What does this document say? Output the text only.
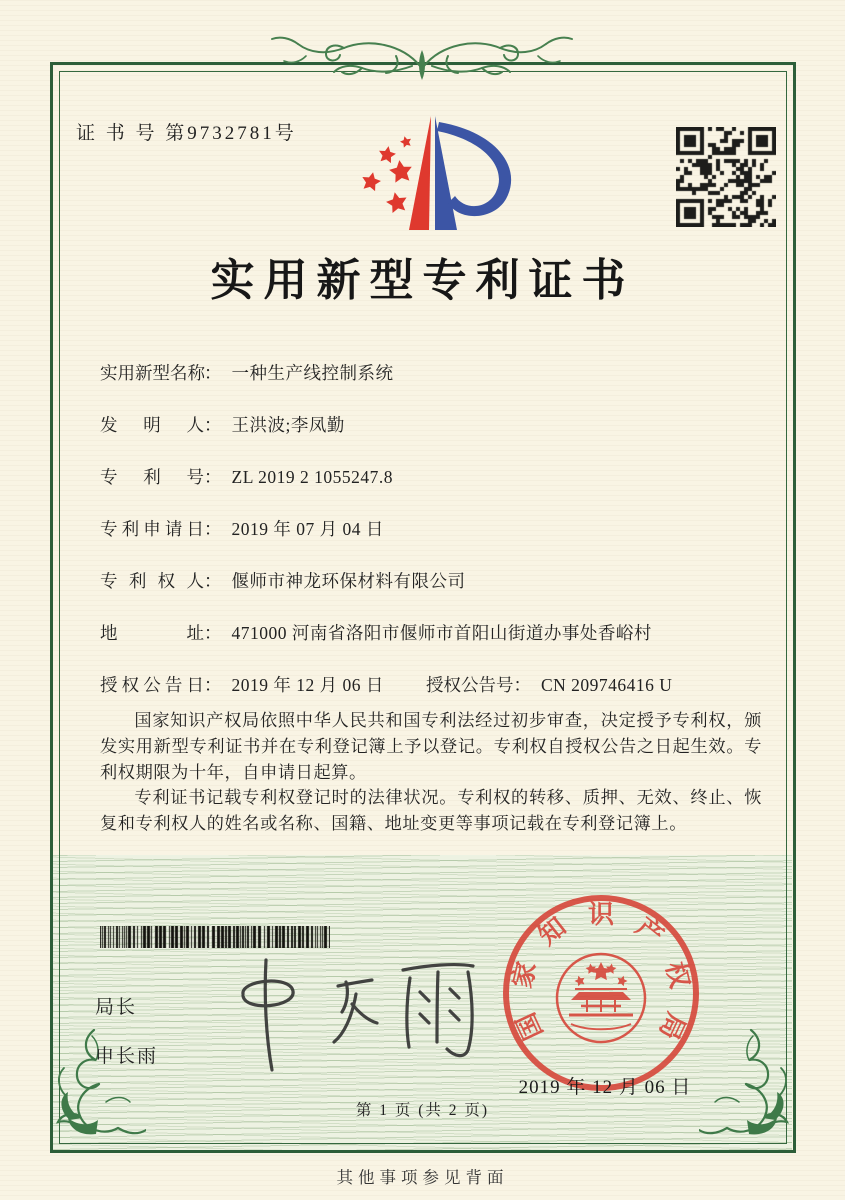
证 书 号 第9732781号
实用新型专利证书
实用新型名称： 一种生产线控制系统
发明人： 王洪波;李凤勤
专利号： ZL 2019 2 1055247.8
专利申请日： 2019 年 07 月 04 日
专利权人： 偃师市神龙环保材料有限公司
地址： 471000 河南省洛阳市偃师市首阳山街道办事处香峪村
授权公告日： 2019 年 12 月 06 日 授权公告号： CN 209746416 U

国家知识产权局依照中华人民共和国专利法经过初步审查，决定授予专利权，颁发实用新型专利证书并在专利登记簿上予以登记。专利权自授权公告之日起生效。专利权期限为十年，自申请日起算。

专利证书记载专利权登记时的法律状况。专利权的转移、质押、无效、终止、恢复和专利权人的姓名或名称、国籍、地址变更等事项记载在专利登记簿上。

局长
申长雨
国
家
知 识 产
权
局
2019 年 12 月 06 日
第 1 页 (共 2 页)
其他事项参见背面
